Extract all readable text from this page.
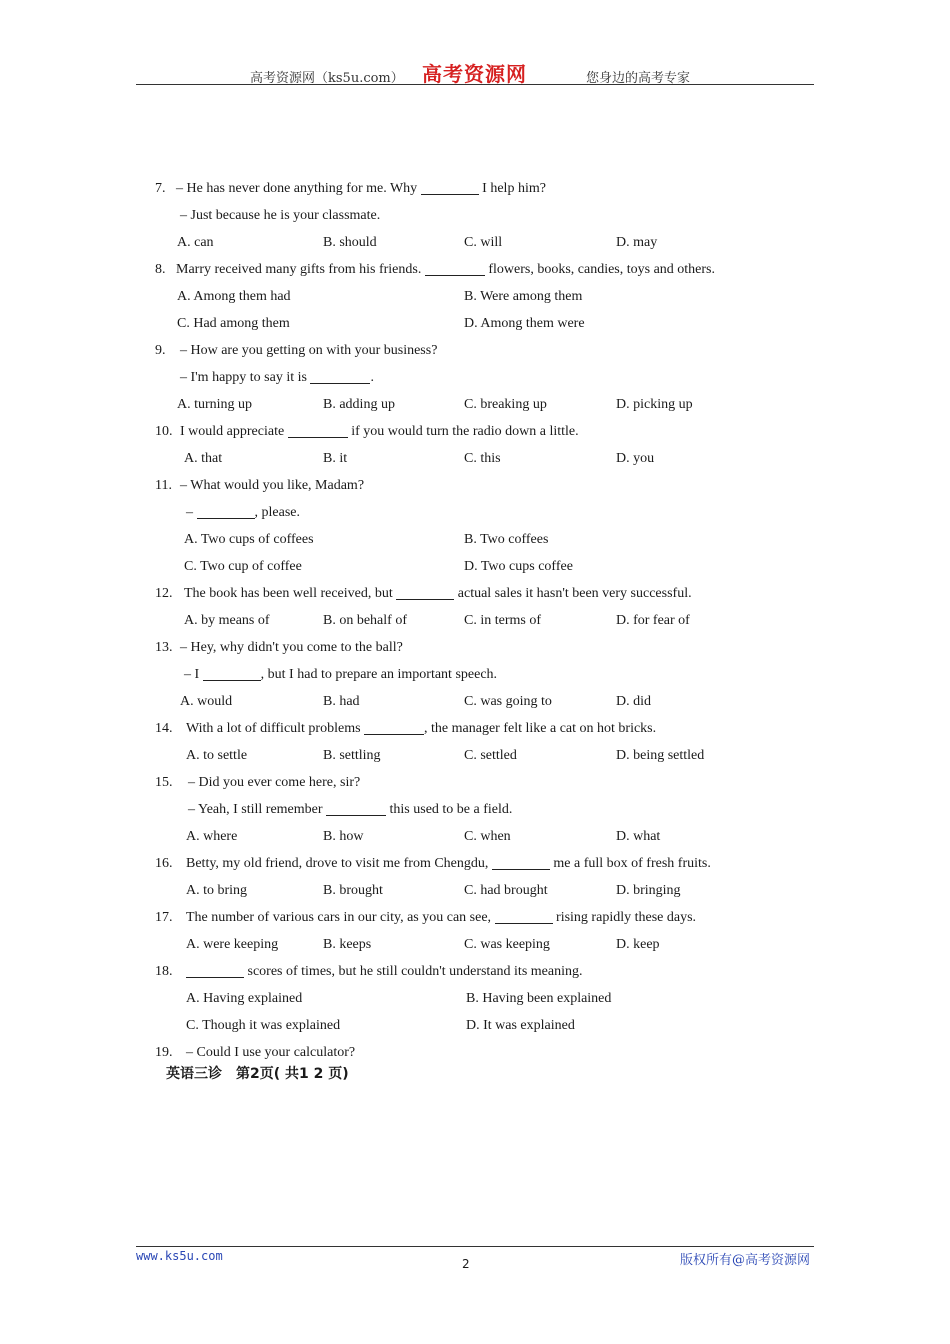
高考资源网（ks5u.com） 高考资源网	您身边的高考专家
7. – He has never done anything for me. Why	I help him?
– Just because he is your classmate.
A. can	B. should	C. will	D. may
8. Marry received many gifts from his friends.	flowers, books, candies, toys and others.
A. Among them had	B. Were among them
C. Had among them	D. Among them were
9. – How are you getting on with your business?
– I'm happy to say it is	.
A. turning up	B. adding up	C. breaking up	D. picking up
10. I would appreciate	if you would turn the radio down a little.
A. that	B. it	C. this	D. you
11. – What would you like, Madam?
–	, please.
A. Two cups of coffees	B. Two coffees
C. Two cup of coffee	D. Two cups coffee
12. The book has been well received, but	actual sales it hasn't been very successful.
A. by means of	B. on behalf of	C. in terms of	D. for fear of
13. – Hey, why didn't you come to the ball?
– I	, but I had to prepare an important speech.
A. would	B. had	C. was going to	D. did
14. With a lot of difficult problems	, the manager felt like a cat on hot bricks.
A. to settle	B. settling	C. settled	D. being settled
15. – Did you ever come here, sir?
– Yeah, I still remember	this used to be a field.
A. where	B. how	C. when	D. what
16. Betty, my old friend, drove to visit me from Chengdu,	me a full box of fresh fruits.
A. to bring	B. brought	C. had brought	D. bringing
17. The number of various cars in our city, as you can see,	rising rapidly these days.
A. were keeping	B. keeps	C. was keeping	D. keep
18.	scores of times, but he still couldn't understand its meaning.
A. Having explained	B. Having been explained
C. Though it was explained	D. It was explained
19. – Could I use your calculator?
英语三诊　第2页( 共1 2 页)
www.ks5u.com
2	版权所有@高考资源网
